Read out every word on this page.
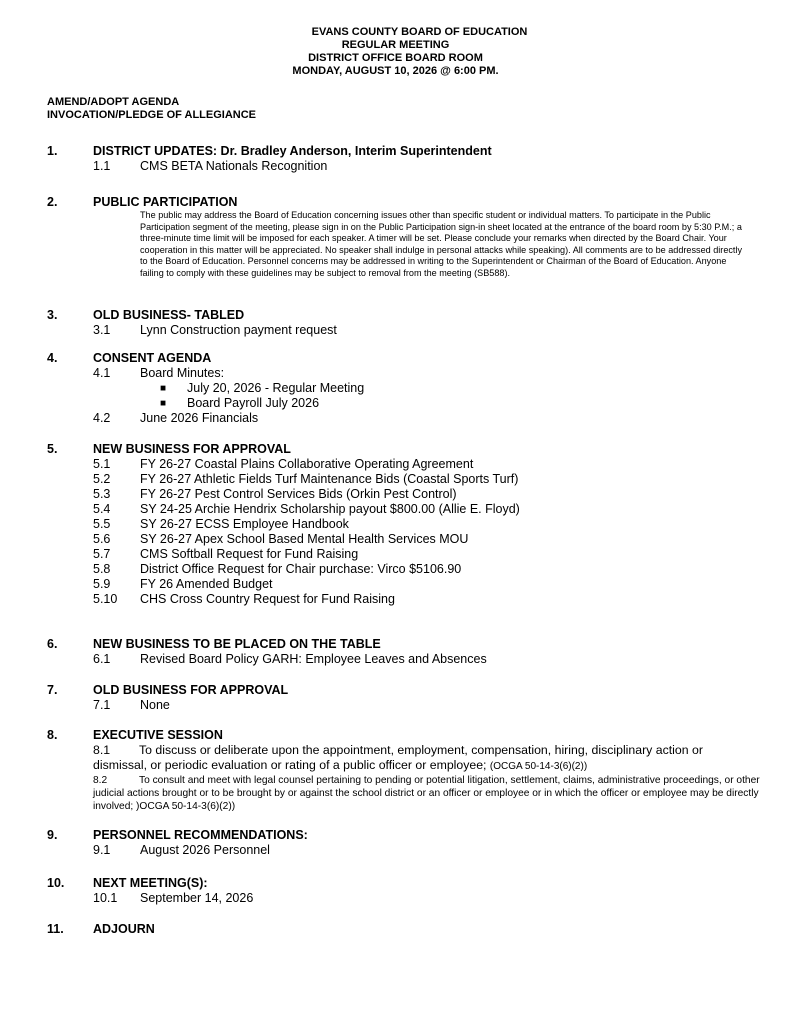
EVANS COUNTY BOARD OF EDUCATION
REGULAR MEETING
DISTRICT OFFICE BOARD ROOM
MONDAY, AUGUST 10, 2026 @ 6:00 PM.
AMEND/ADOPT AGENDA
INVOCATION/PLEDGE OF ALLEGIANCE
1.	DISTRICT UPDATES: Dr. Bradley Anderson, Interim Superintendent
1.1 CMS BETA Nationals Recognition
2.	PUBLIC PARTICIPATION
The public may address the Board of Education concerning issues other than specific student or individual matters. To participate in the Public Participation segment of the meeting, please sign in on the Public Participation sign-in sheet located at the entrance of the board room by 5:30 P.M.; a three-minute time limit will be imposed for each speaker. A timer will be set. Please conclude your remarks when directed by the Board Chair. Your cooperation in this matter will be appreciated. No speaker shall indulge in personal attacks while speaking). All comments are to be addressed directly to the Board of Education. Personnel concerns may be addressed in writing to the Superintendent or Chairman of the Board of Education. Anyone failing to comply with these guidelines may be subject to removal from the meeting (SB588).
3.	OLD BUSINESS- TABLED
3.1 Lynn Construction payment request
4.	CONSENT AGENDA
4.1 Board Minutes:
■ July 20, 2026 - Regular Meeting
■ Board Payroll July 2026
4.2 June 2026 Financials
5.	NEW BUSINESS FOR APPROVAL
5.1 FY 26-27 Coastal Plains Collaborative Operating Agreement
5.2 FY 26-27 Athletic Fields Turf Maintenance Bids (Coastal Sports Turf)
5.3 FY 26-27 Pest Control Services Bids (Orkin Pest Control)
5.4 SY 24-25 Archie Hendrix Scholarship payout $800.00 (Allie E. Floyd)
5.5 SY 26-27 ECSS Employee Handbook
5.6 SY 26-27 Apex School Based Mental Health Services MOU
5.7 CMS Softball Request for Fund Raising
5.8 District Office Request for Chair purchase: Virco $5106.90
5.9 FY 26 Amended Budget
5.10 CHS Cross Country Request for Fund Raising
6.	NEW BUSINESS TO BE PLACED ON THE TABLE
6.1 Revised Board Policy GARH: Employee Leaves and Absences
7.	OLD BUSINESS FOR APPROVAL
7.1 None
8.	EXECUTIVE SESSION
8.1 To discuss or deliberate upon the appointment, employment, compensation, hiring, disciplinary action or dismissal, or periodic evaluation or rating of a public officer or employee; (OCGA 50-14-3(6)(2))
8.2	To consult and meet with legal counsel pertaining to pending or potential litigation, settlement, claims, administrative proceedings, or other judicial actions brought or to be brought by or against the school district or an officer or employee or in which the officer or employee may be directly involved; )OCGA 50-14-3(6)(2))
9.	PERSONNEL RECOMMENDATIONS:
9.1 August 2026 Personnel
10. NEXT MEETING(S):
10.1 September 14, 2026
11. ADJOURN
